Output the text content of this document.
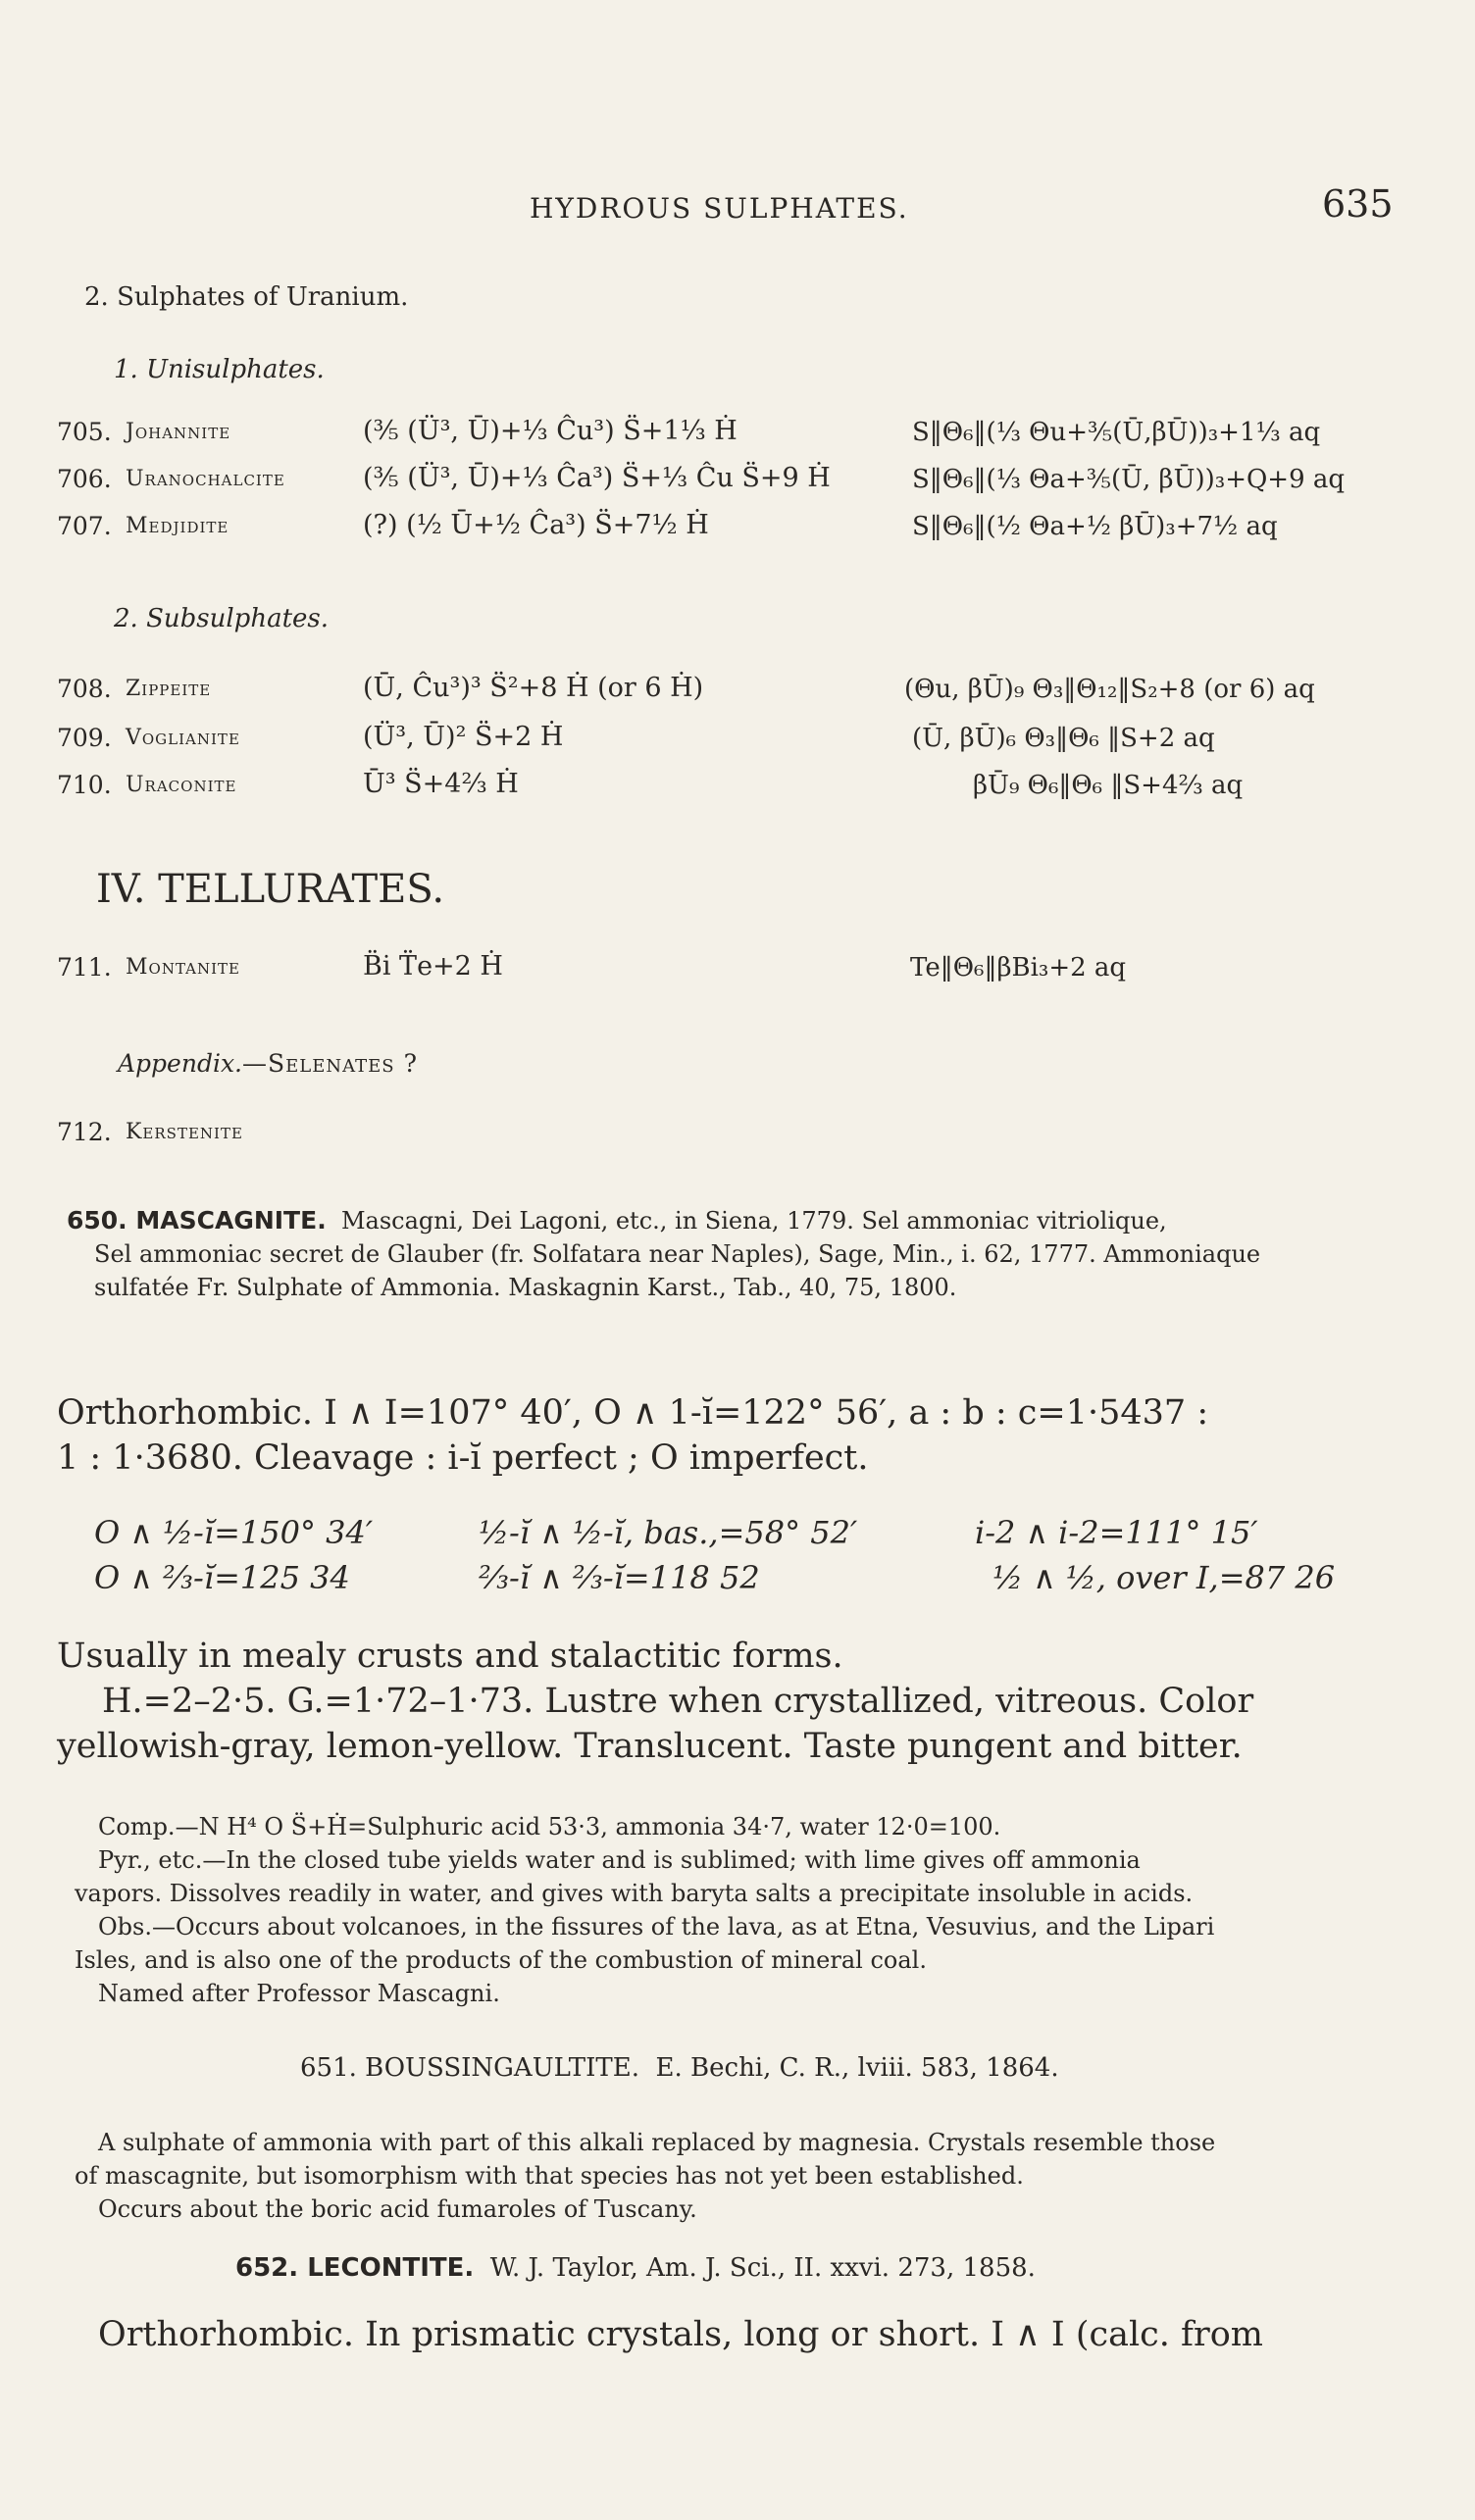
HYDROUS SULPHATES.	635
2. Sulphates of Uranium.
1. Unisulphates.
705. Johannite	(⅗ (Ü³, Ū)+⅓ Ĉu³) S̈+1⅓ Ḣ	S‖Θ₆‖(⅓ Θu+⅗(Ū,βŪ))₃+1⅓ aq
706. Uranochalcite	(⅗ (Ü³, Ū)+⅓ Ĉa³) S̈+⅓ Ĉu S̈+9 Ḣ	S‖Θ₆‖(⅓ Θa+⅗(Ū, βŪ))₃+Q+9 aq
707. Medjidite	(?) (½ Ū+½ Ĉa³) S̈+7½ Ḣ	S‖Θ₆‖(½ Θa+½ βŪ)₃+7½ aq
2. Subsulphates.
708. Zippeite	(Ū, Ĉu³)³ S̈²+8 Ḣ (or 6 Ḣ)	(Θu, βŪ)₉ Θ₃‖Θ₁₂‖S₂+8 (or 6) aq
709. Voglianite	(Ü³, Ū)² S̈+2 Ḣ	(Ū, βŪ)₆ Θ₃‖Θ₆ ‖S+2 aq
710. Uraconite	Ū³ S̈+4⅔ Ḣ	βŪ₉ Θ₆‖Θ₆ ‖S+4⅔ aq
IV. TELLURATES.
711. Montanite	B̈i T̈e+2 Ḣ	Te‖Θ₆‖βBi₃+2 aq
Appendix.—Selenates ?
712. Kerstenite
650. MASCAGNITE. Mascagni, Dei Lagoni, etc., in Siena, 1779. Sel ammoniac vitriolique,
Sel ammoniac secret de Glauber (fr. Solfatara near Naples), Sage, Min., i. 62, 1777. Ammoniaque
sulfatée Fr. Sulphate of Ammonia. Maskagnin Karst., Tab., 40, 75, 1800.
Orthorhombic. I ∧ I=107° 40′, O ∧ 1-ĭ=122° 56′, a : b : c=1·5437 :
1 : 1·3680. Cleavage : i-ĭ perfect ; O imperfect.
O ∧ ½-ĭ=150° 34′	½-ĭ ∧ ½-ĭ, bas.,=58° 52′	i-2 ∧ i-2=111° 15′
O ∧ ⅔-ĭ=125 34	⅔-ĭ ∧ ⅔-ĭ=118 52	½ ∧ ½, over I,=87 26
Usually in mealy crusts and stalactitic forms.
H.=2–2·5. G.=1·72–1·73. Lustre when crystallized, vitreous. Color
yellowish-gray, lemon-yellow. Translucent. Taste pungent and bitter.
Comp.—N H⁴ O S̈+Ḣ=Sulphuric acid 53·3, ammonia 34·7, water 12·0=100.
Pyr., etc.—In the closed tube yields water and is sublimed; with lime gives off ammonia
vapors. Dissolves readily in water, and gives with baryta salts a precipitate insoluble in acids.
Obs.—Occurs about volcanoes, in the fissures of the lava, as at Etna, Vesuvius, and the Lipari
Isles, and is also one of the products of the combustion of mineral coal.
Named after Professor Mascagni.
651. BOUSSINGAULTITE. E. Bechi, C. R., lviii. 583, 1864.
A sulphate of ammonia with part of this alkali replaced by magnesia. Crystals resemble those
of mascagnite, but isomorphism with that species has not yet been established.
Occurs about the boric acid fumaroles of Tuscany.
652. LECONTITE. W. J. Taylor, Am. J. Sci., II. xxvi. 273, 1858.
Orthorhombic. In prismatic crystals, long or short. I ∧ I (calc. from
